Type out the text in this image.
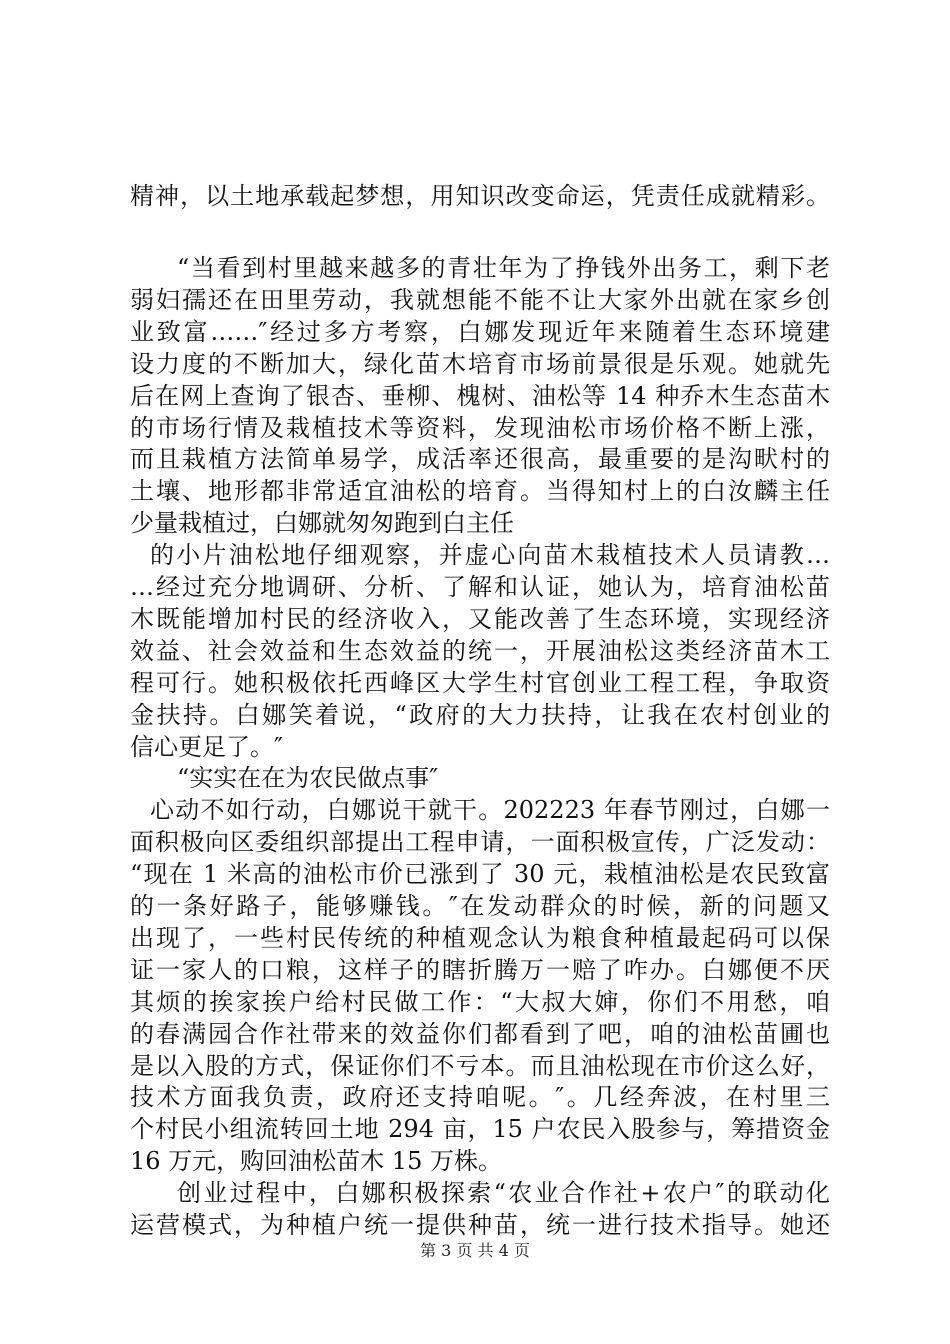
精神，以土地承载起梦想，用知识改变命运，凭责任成就精彩。
“当看到村里越来越多的青壮年为了挣钱外出务工，剩下老
弱妇孺还在田里劳动，我就想能不能不让大家外出就在家乡创
业致富……″经过多方考察，白娜发现近年来随着生态环境建
设力度的不断加大，绿化苗木培育市场前景很是乐观。她就先
后在网上查询了银杏、垂柳、槐树、油松等 14 种乔木生态苗木
的市场行情及栽植技术等资料，发现油松市场价格不断上涨，
而且栽植方法简单易学，成活率还很高，最重要的是沟畎村的
土壤、地形都非常适宜油松的培育。当得知村上的白汝麟主任
少量栽植过，白娜就匆匆跑到白主任
的小片油松地仔细观察，并虚心向苗木栽植技术人员请教…
…经过充分地调研、分析、了解和认证，她认为，培育油松苗
木既能增加村民的经济收入，又能改善了生态环境，实现经济
效益、社会效益和生态效益的统一，开展油松这类经济苗木工
程可行。她积极依托西峰区大学生村官创业工程工程，争取资
金扶持。白娜笑着说，“政府的大力扶持，让我在农村创业的
信心更足了。″
“实实在在为农民做点事″
心动不如行动，白娜说干就干。202223 年春节刚过，白娜一
面积极向区委组织部提出工程申请，一面积极宣传，广泛发动：
“现在 1 米高的油松市价已涨到了 30 元，栽植油松是农民致富
的一条好路子，能够赚钱。″在发动群众的时候，新的问题又
出现了，一些村民传统的种植观念认为粮食种植最起码可以保
证一家人的口粮，这样子的瞎折腾万一赔了咋办。白娜便不厌
其烦的挨家挨户给村民做工作：“大叔大婶，你们不用愁，咱
的春满园合作社带来的效益你们都看到了吧，咱的油松苗圃也
是以入股的方式，保证你们不亏本。而且油松现在市价这么好，
技术方面我负责，政府还支持咱呢。″。几经奔波，在村里三
个村民小组流转回土地 294 亩，15 户农民入股参与，筹措资金
16 万元，购回油松苗木 15 万株。
创业过程中，白娜积极探索“农业合作社+农户″的联动化
运营模式，为种植户统一提供种苗，统一进行技术指导。她还
第 3 页 共 4 页
